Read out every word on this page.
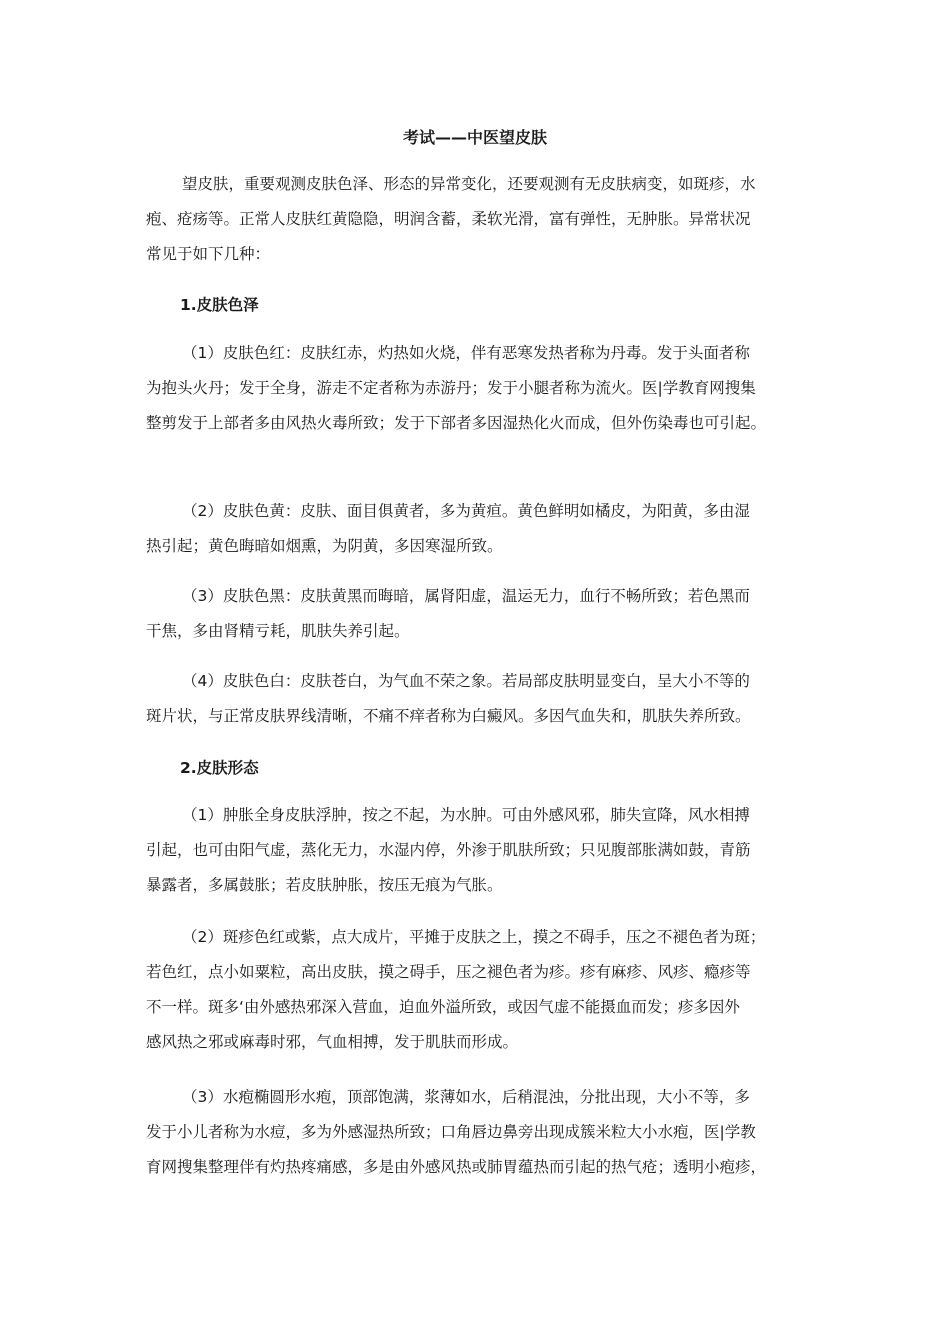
考试——中医望皮肤

望皮肤，重要观测皮肤色泽、形态的异常变化，还要观测有无皮肤病变，如斑疹，水
疱、疮疡等。正常人皮肤红黄隐隐，明润含蓄，柔软光滑，富有弹性，无肿胀。异常状况
常见于如下几种：

1.皮肤色泽

（1）皮肤色红：皮肤红赤，灼热如火烧，伴有恶寒发热者称为丹毒。发于头面者称
为抱头火丹；发于全身，游走不定者称为赤游丹；发于小腿者称为流火。医|学教育网搜集
整剪发于上部者多由风热火毒所致；发于下部者多因湿热化火而成，但外伤染毒也可引起。

（2）皮肤色黄：皮肤、面目俱黄者，多为黄疸。黄色鲜明如橘皮，为阳黄，多由湿
热引起；黄色晦暗如烟熏，为阴黄，多因寒湿所致。

（3）皮肤色黑：皮肤黄黑而晦暗，属肾阳虚，温运无力，血行不畅所致；若色黑而
干焦，多由肾精亏耗，肌肤失养引起。

（4）皮肤色白：皮肤苍白，为气血不荣之象。若局部皮肤明显变白，呈大小不等的
斑片状，与正常皮肤界线清晰，不痛不痒者称为白癜风。多因气血失和，肌肤失养所致。

2.皮肤形态

（1）肿胀全身皮肤浮肿，按之不起，为水肿。可由外感风邪，肺失宣降，风水相搏
引起，也可由阳气虚，蒸化无力，水湿内停，外渗于肌肤所致；只见腹部胀满如鼓，青筋
暴露者，多属鼓胀；若皮肤肿胀，按压无痕为气胀。

（2）斑疹色红或紫，点大成片，平摊于皮肤之上，摸之不碍手，压之不褪色者为斑；
若色红，点小如粟粒，高出皮肤，摸之碍手，压之褪色者为疹。疹有麻疹、风疹、瘾疹等
不一样。斑多‘由外感热邪深入营血，迫血外溢所致，或因气虚不能摄血而发；疹多因外
感风热之邪或麻毒时邪，气血相搏，发于肌肤而形成。

（3）水疱椭圆形水疱，顶部饱满，浆薄如水，后稍混浊，分批出现，大小不等，多
发于小儿者称为水痘，多为外感湿热所致；口角唇边鼻旁出现成簇米粒大小水疱，医|学教
育网搜集整理伴有灼热疼痛感，多是由外感风热或肺胃蕴热而引起的热气疮；透明小疱疹，
